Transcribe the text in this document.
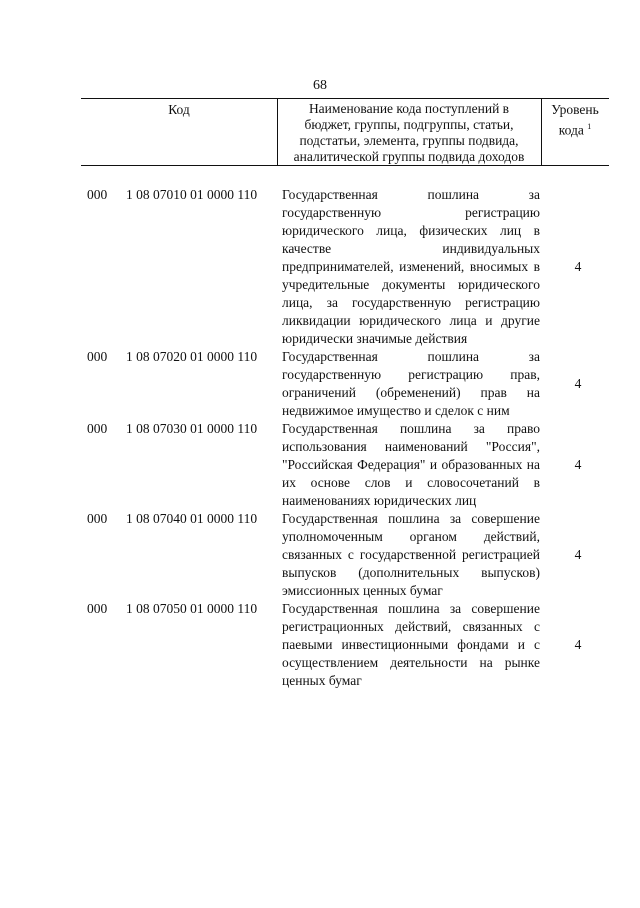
68
Код	Наименование кода поступлений в
бюджет, группы, подгруппы, статьи,
подстатьи, элемента, группы подвида,
аналитической группы подвида доходов
Уровень
кода $^1$
000 1 08 07010 01 0000 110 Государственная пошлина за государственную регистрацию юридического лица, физических лиц в качестве индивидуальных предпринимателей, изменений, вносимых в учредительные документы юридического лица, за государственную регистрацию ликвидации юридического лица и другие юридически значимые действия
4
000 1 08 07020 01 0000 110 Государственная пошлина за государственную регистрацию прав, ограничений (обременений) прав на недвижимое имущество и сделок с ним
4
000 1 08 07030 01 0000 110 Государственная пошлина за право использования наименований "Россия", "Российская Федерация" и образованных на их основе слов и словосочетаний в наименованиях юридических лиц
4
000 1 08 07040 01 0000 110 Государственная пошлина за совершение уполномоченным органом действий, связанных с государственной регистрацией выпусков (дополнительных выпусков) эмиссионных ценных бумаг
4
000 1 08 07050 01 0000 110 Государственная пошлина за совершение регистрационных действий, связанных с паевыми инвестиционными фондами и с осуществлением деятельности на рынке ценных бумаг
4
